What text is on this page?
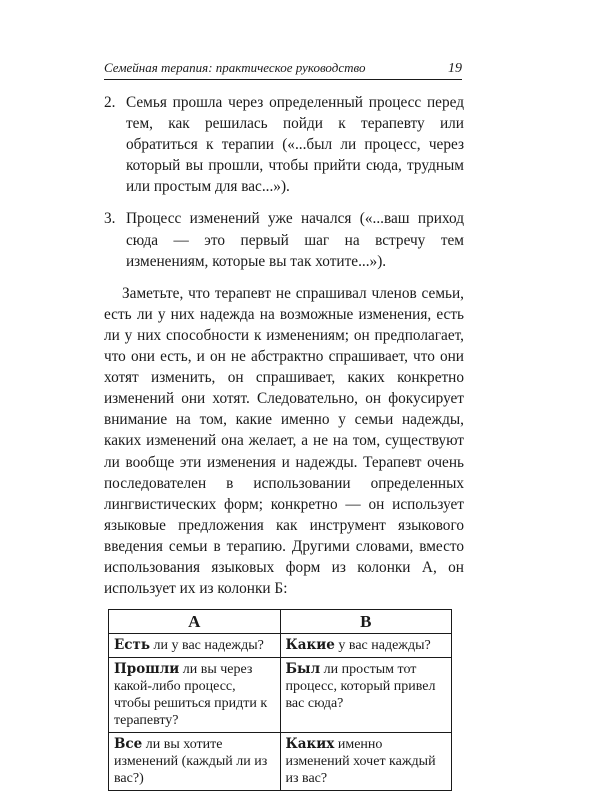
Семейная терапия: практическое руководство	19
2. Семья прошла через определенный процесс перед тем, как решилась пойди к терапевту или обратиться к терапии («...был ли процесс, через который вы прошли, чтобы прийти сюда, трудным или простым для вас...»).
3. Процесс изменений уже начался («...ваш приход сюда — это первый шаг на встречу тем изменениям, которые вы так хотите...»).

Заметьте, что терапевт не спрашивал членов семьи, есть ли у них надежда на возможные изменения, есть ли у них способности к изменениям; он предполагает, что они есть, и он не абстрактно спрашивает, что они хотят изменить, он спрашивает, каких конкретно изменений они хотят. Следовательно, он фокусирует внимание на том, какие именно у семьи надежды, каких изменений она желает, а не на том, существуют ли вообще эти изменения и надежды. Терапевт очень последователен в использовании определенных лингвистических форм; конкретно — он использует языковые предложения как инструмент языкового введения семьи в терапию. Другими словами, вместо использования языковых форм из колонки А, он использует их из колонки Б:

А	В
Есть ли у вас надежды?	Какие у вас надежды?
Прошли ли вы через какой-либо процесс, чтобы решиться придти к терапевту?	Был ли простым тот процесс, который привел вас сюда?
Все ли вы хотите изменений (каждый ли из вас?)	Каких именно изменений хочет каждый из вас?
